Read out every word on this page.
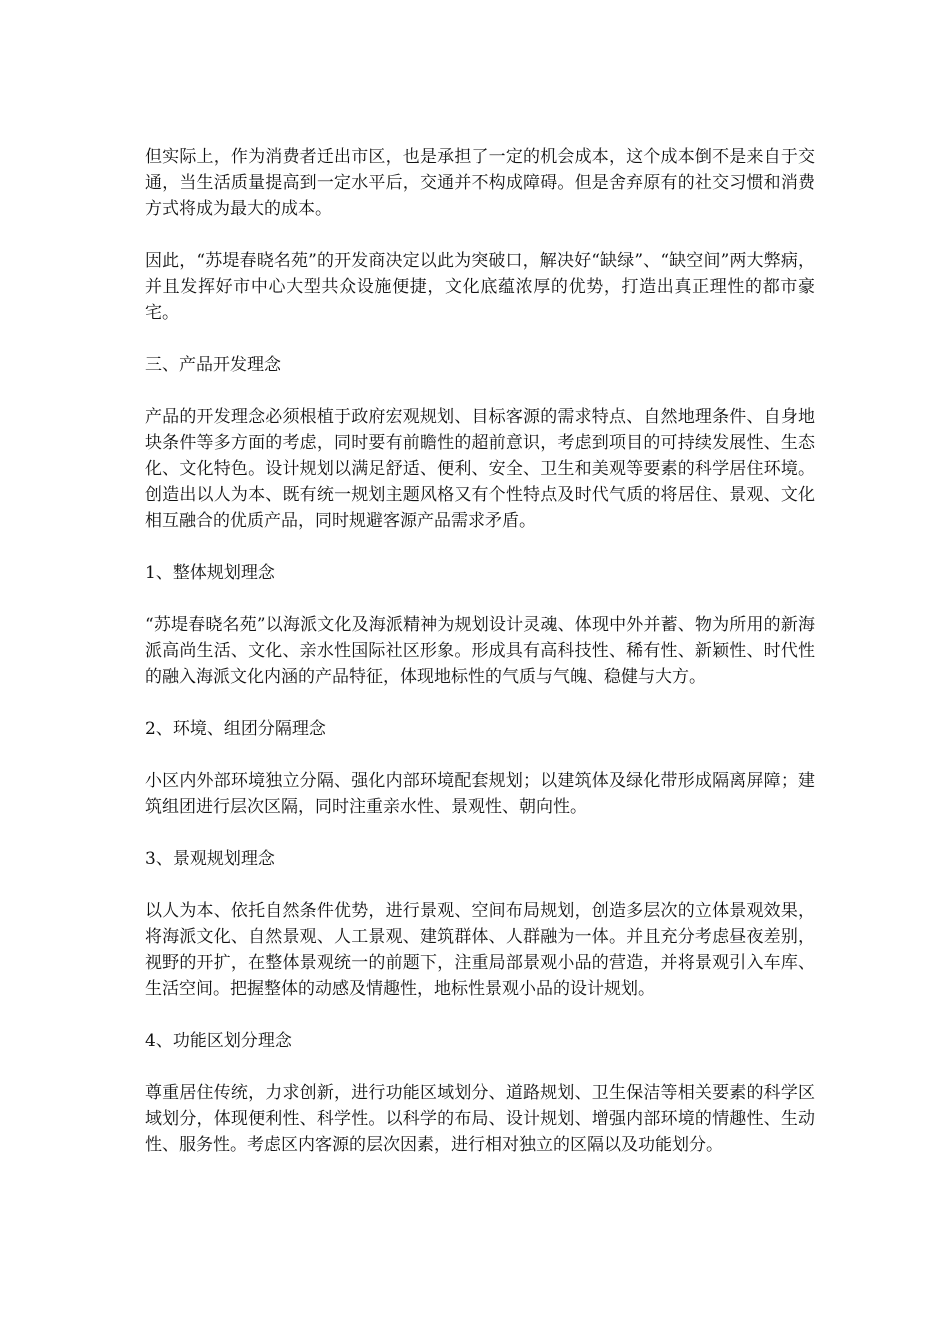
但实际上，作为消费者迁出市区，也是承担了一定的机会成本，这个成本倒不是来自于交通，当生活质量提高到一定水平后，交通并不构成障碍。但是舍弃原有的社交习惯和消费方式将成为最大的成本。

因此，“苏堤春晓名苑”的开发商决定以此为突破口，解决好“缺绿”、“缺空间”两大弊病，并且发挥好市中心大型共众设施便捷，文化底蕴浓厚的优势，打造出真正理性的都市豪宅。

三、产品开发理念

产品的开发理念必须根植于政府宏观规划、目标客源的需求特点、自然地理条件、自身地块条件等多方面的考虑，同时要有前瞻性的超前意识，考虑到项目的可持续发展性、生态化、文化特色。设计规划以满足舒适、便利、安全、卫生和美观等要素的科学居住环境。创造出以人为本、既有统一规划主题风格又有个性特点及时代气质的将居住、景观、文化相互融合的优质产品，同时规避客源产品需求矛盾。

1、整体规划理念

“苏堤春晓名苑”以海派文化及海派精神为规划设计灵魂、体现中外并蓄、物为所用的新海派高尚生活、文化、亲水性国际社区形象。形成具有高科技性、稀有性、新颖性、时代性的融入海派文化内涵的产品特征，体现地标性的气质与气魄、稳健与大方。

2、环境、组团分隔理念

小区内外部环境独立分隔、强化内部环境配套规划；以建筑体及绿化带形成隔离屏障；建筑组团进行层次区隔，同时注重亲水性、景观性、朝向性。

3、景观规划理念

以人为本、依托自然条件优势，进行景观、空间布局规划，创造多层次的立体景观效果，将海派文化、自然景观、人工景观、建筑群体、人群融为一体。并且充分考虑昼夜差别，视野的开扩，在整体景观统一的前题下，注重局部景观小品的营造，并将景观引入车库、生活空间。把握整体的动感及情趣性，地标性景观小品的设计规划。

4、功能区划分理念

尊重居住传统，力求创新，进行功能区域划分、道路规划、卫生保洁等相关要素的科学区域划分，体现便利性、科学性。以科学的布局、设计规划、增强内部环境的情趣性、生动性、服务性。考虑区内客源的层次因素，进行相对独立的区隔以及功能划分。
